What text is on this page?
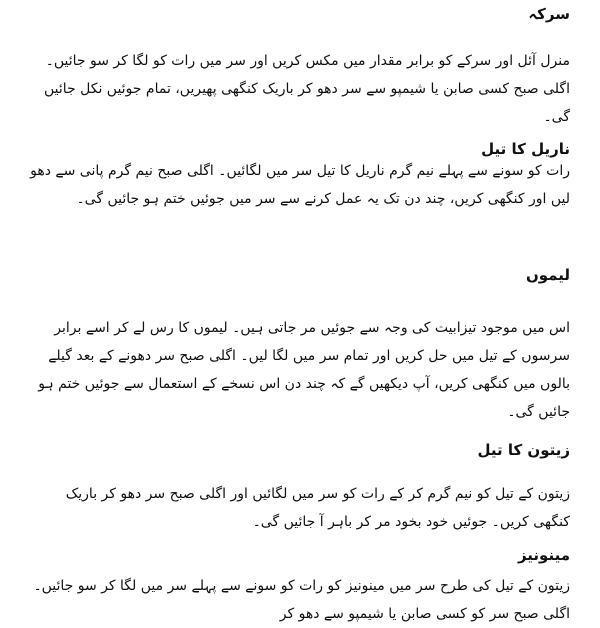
سرکہ

منرل آئل اور سرکے کو برابر مقدار میں مکس کریں اور سر میں رات کو لگا کر سو جائیں۔ اگلی صبح کسی صابن یا شیمپو سے سر دھو کر باریک کنگھی پھیریں، تمام جوئیں نکل جائیں گی۔

ناریل کا تیل

رات کو سونے سے پہلے نیم گرم ناریل کا تیل سر میں لگائیں۔ اگلی صبح نیم گرم پانی سے دھو لیں اور کنگھی کریں، چند دن تک یہ عمل کرنے سے سر میں جوئیں ختم ہو جائیں گی۔

لیموں

اس میں موجود تیزابیت کی وجہ سے جوئیں مر جاتی ہیں۔ لیموں کا رس لے کر اسے برابر سرسوں کے تیل میں حل کریں اور تمام سر میں لگا لیں۔ اگلی صبح سر دھونے کے بعد گیلے بالوں میں کنگھی کریں، آپ دیکھیں گے کہ چند دن اس نسخے کے استعمال سے جوئیں ختم ہو جائیں گی۔

زیتون کا تیل

زیتون کے تیل کو نیم گرم کر کے رات کو سر میں لگائیں اور اگلی صبح سر دھو کر باریک کنگھی کریں۔ جوئیں خود بخود مر کر باہر آ جائیں گی۔

مینونیز

زیتون کے تیل کی طرح سر میں مینونیز کو رات کو سونے سے پہلے سر میں لگا کر سو جائیں۔ اگلی صبح سر کو کسی صابن یا شیمپو سے دھو کر
